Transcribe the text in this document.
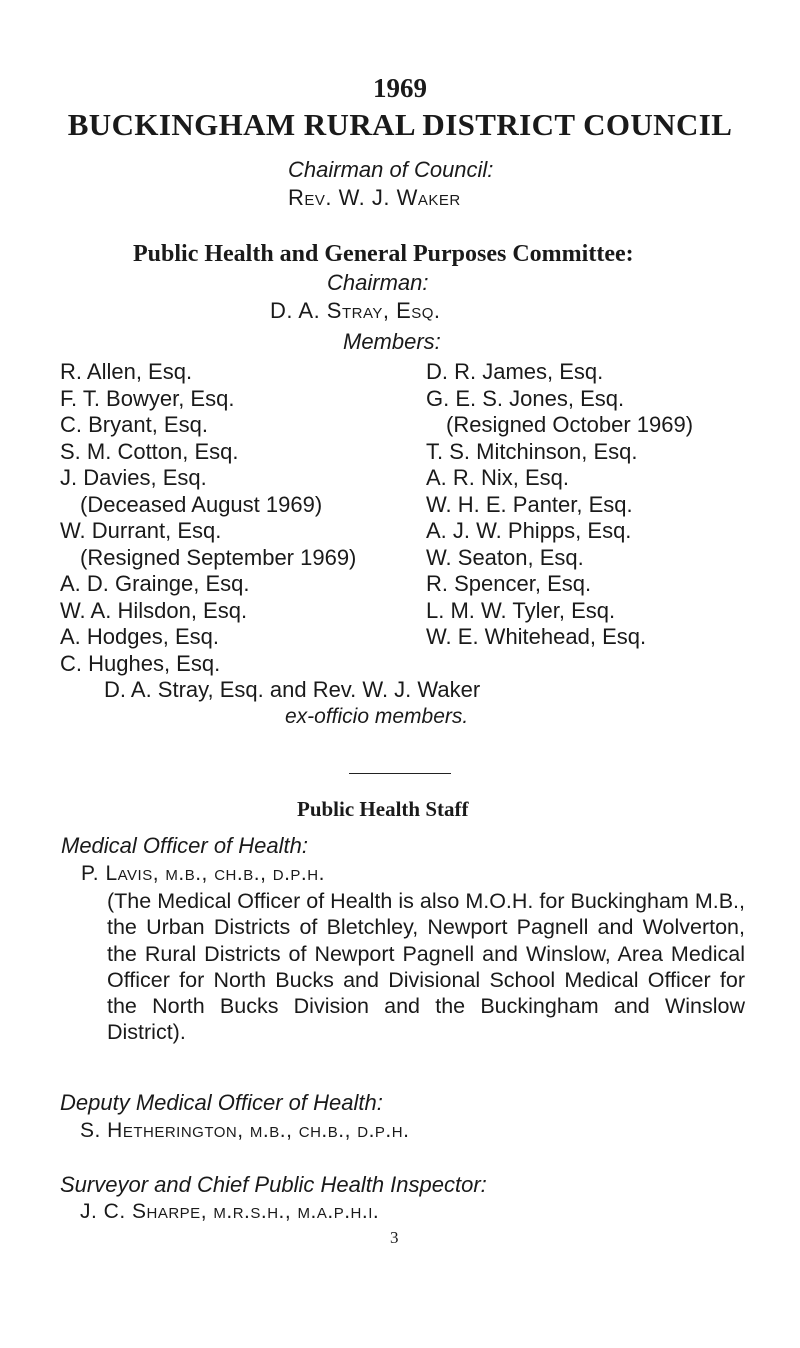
1969
BUCKINGHAM RURAL DISTRICT COUNCIL
Chairman of Council:
Rev. W. J. Waker
Public Health and General Purposes Committee:
Chairman:
D. A. Stray, Esq.
Members:
R. Allen, Esq.
F. T. Bowyer, Esq.
C. Bryant, Esq.
S. M. Cotton, Esq.
J. Davies, Esq.
(Deceased August 1969)
W. Durrant, Esq.
(Resigned September 1969)
A. D. Grainge, Esq.
W. A. Hilsdon, Esq.
A. Hodges, Esq.
C. Hughes, Esq.
D. R. James, Esq.
G. E. S. Jones, Esq.
(Resigned October 1969)
T. S. Mitchinson, Esq.
A. R. Nix, Esq.
W. H. E. Panter, Esq.
A. J. W. Phipps, Esq.
W. Seaton, Esq.
R. Spencer, Esq.
L. M. W. Tyler, Esq.
W. E. Whitehead, Esq.
D. A. Stray, Esq. and Rev. W. J. Waker
ex-officio members.
Public Health Staff
Medical Officer of Health:
P. Lavis, m.b., ch.b., d.p.h.
(The Medical Officer of Health is also M.O.H. for Buckingham M.B., the Urban Districts of Bletchley, Newport Pagnell and Wolverton, the Rural Districts of Newport Pagnell and Winslow, Area Medical Officer for North Bucks and Divisional School Medical Officer for the North Bucks Division and the Buckingham and Winslow District).
Deputy Medical Officer of Health:
S. Hetherington, m.b., ch.b., d.p.h.
Surveyor and Chief Public Health Inspector:
J. C. Sharpe, m.r.s.h., m.a.p.h.i.
3
